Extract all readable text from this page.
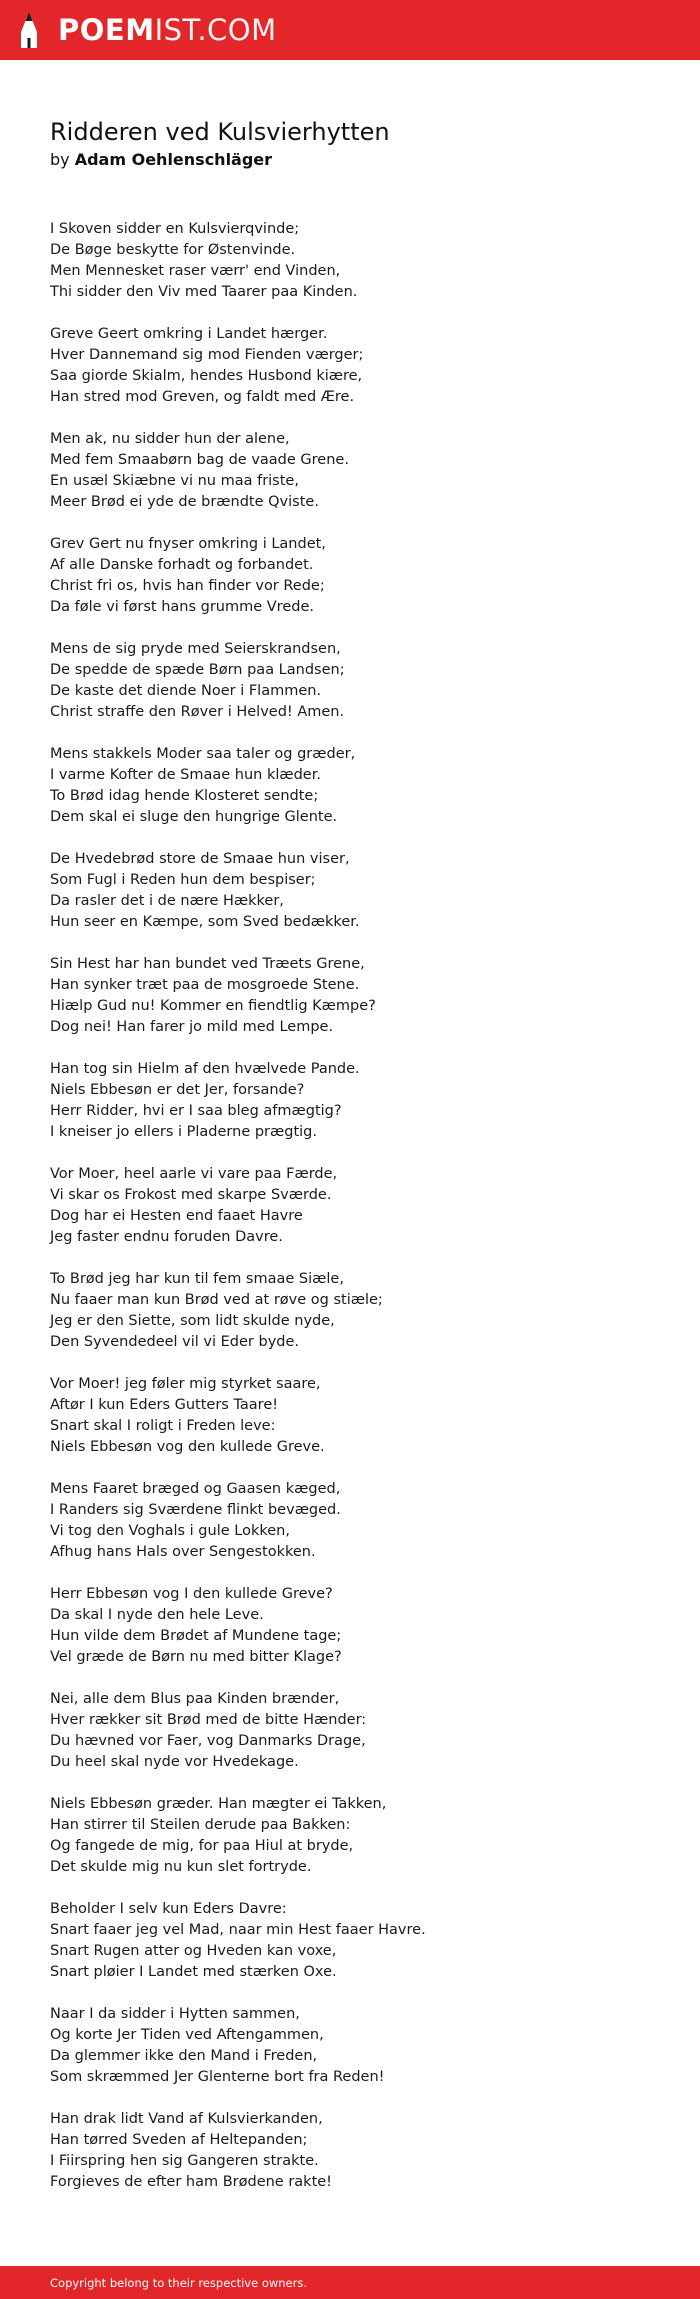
POEMIST.COM
Ridderen ved Kulsvierhytten

by Adam Oehlenschläger

I Skoven sidder en Kulsvierqvinde;
De Bøge beskytte for Østenvinde.
Men Mennesket raser værr' end Vinden,
Thi sidder den Viv med Taarer paa Kinden.
Greve Geert omkring i Landet hærger.
Hver Dannemand sig mod Fienden værger;
Saa giorde Skialm, hendes Husbond kiære,
Han stred mod Greven, og faldt med Ære.
Men ak, nu sidder hun der alene,
Med fem Smaabørn bag de vaade Grene.
En usæl Skiæbne vi nu maa friste,
Meer Brød ei yde de brændte Qviste.
Grev Gert nu fnyser omkring i Landet,
Af alle Danske forhadt og forbandet.
Christ fri os, hvis han finder vor Rede;
Da føle vi først hans grumme Vrede.
Mens de sig pryde med Seierskrandsen,
De spedde de spæde Børn paa Landsen;
De kaste det diende Noer i Flammen.
Christ straffe den Røver i Helved! Amen.
Mens stakkels Moder saa taler og græder,
I varme Kofter de Smaae hun klæder.
To Brød idag hende Klosteret sendte;
Dem skal ei sluge den hungrige Glente.
De Hvedebrød store de Smaae hun viser,
Som Fugl i Reden hun dem bespiser;
Da rasler det i de nære Hækker,
Hun seer en Kæmpe, som Sved bedækker.
Sin Hest har han bundet ved Træets Grene,
Han synker træt paa de mosgroede Stene.
Hiælp Gud nu! Kommer en fiendtlig Kæmpe?
Dog nei! Han farer jo mild med Lempe.
Han tog sin Hielm af den hvælvede Pande.
Niels Ebbesøn er det Jer, forsande?
Herr Ridder, hvi er I saa bleg afmægtig?
I kneiser jo ellers i Pladerne prægtig.
Vor Moer, heel aarle vi vare paa Færde,
Vi skar os Frokost med skarpe Sværde.
Dog har ei Hesten end faaet Havre
Jeg faster endnu foruden Davre.
To Brød jeg har kun til fem smaae Siæle,
Nu faaer man kun Brød ved at røve og stiæle;
Jeg er den Siette, som lidt skulde nyde,
Den Syvendedeel vil vi Eder byde.
Vor Moer! jeg føler mig styrket saare,
Aftør I kun Eders Gutters Taare!
Snart skal I roligt i Freden leve:
Niels Ebbesøn vog den kullede Greve.
Mens Faaret bræged og Gaasen kæged,
I Randers sig Sværdene flinkt bevæged.
Vi tog den Voghals i gule Lokken,
Afhug hans Hals over Sengestokken.
Herr Ebbesøn vog I den kullede Greve?
Da skal I nyde den hele Leve.
Hun vilde dem Brødet af Mundene tage;
Vel græde de Børn nu med bitter Klage?
Nei, alle dem Blus paa Kinden brænder,
Hver rækker sit Brød med de bitte Hænder:
Du hævned vor Faer, vog Danmarks Drage,
Du heel skal nyde vor Hvedekage.
Niels Ebbesøn græder. Han mægter ei Takken,
Han stirrer til Steilen derude paa Bakken:
Og fangede de mig, for paa Hiul at bryde,
Det skulde mig nu kun slet fortryde.
Beholder I selv kun Eders Davre:
Snart faaer jeg vel Mad, naar min Hest faaer Havre.
Snart Rugen atter og Hveden kan voxe,
Snart pløier I Landet med stærken Oxe.
Naar I da sidder i Hytten sammen,
Og korte Jer Tiden ved Aftengammen,
Da glemmer ikke den Mand i Freden,
Som skræmmed Jer Glenterne bort fra Reden!
Han drak lidt Vand af Kulsvierkanden,
Han tørred Sveden af Heltepanden;
I Fiirspring hen sig Gangeren strakte.
Forgieves de efter ham Brødene rakte!
Copyright belong to their respective owners.
